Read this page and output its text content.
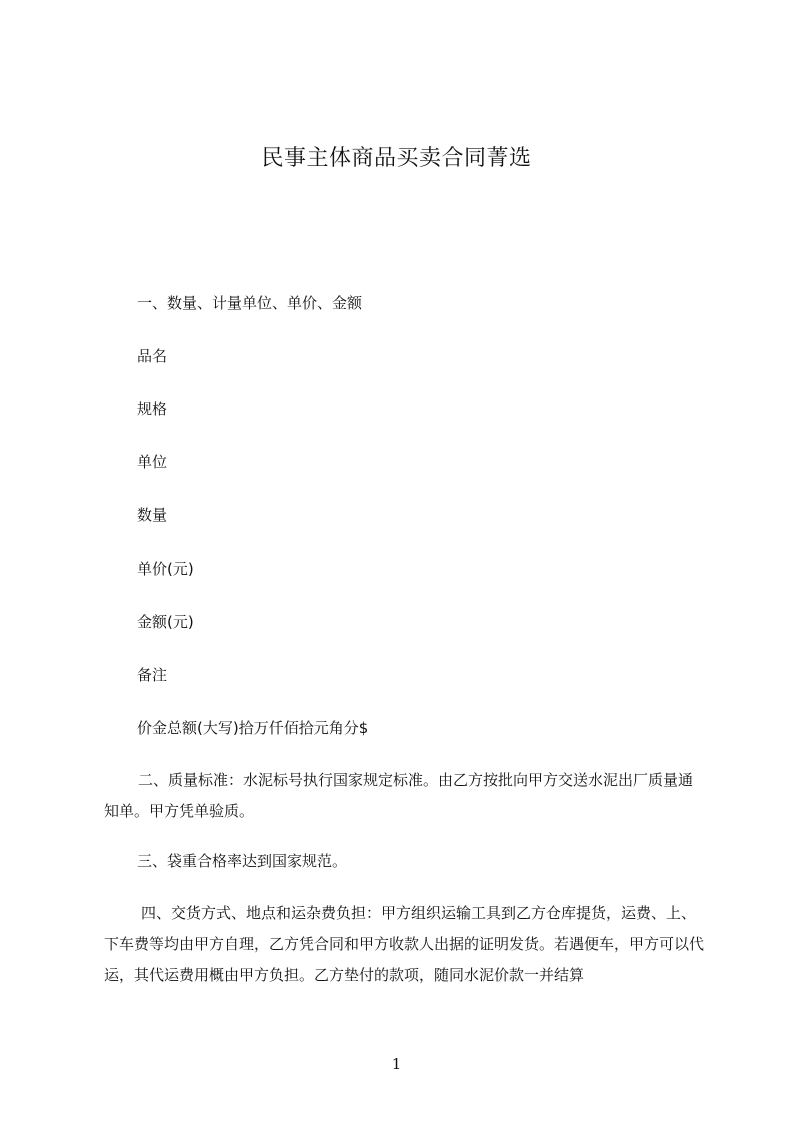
民事主体商品买卖合同菁选
一、数量、计量单位、单价、金额
品名
规格
单位
数量
单价(元)
金额(元)
备注
价金总额(大写)拾万仟佰拾元角分$
二、质量标准：水泥标号执行国家规定标准。由乙方按批向甲方交送水泥出厂质量通知单。甲方凭单验质。
三、袋重合格率达到国家规范。
四、交货方式、地点和运杂费负担：甲方组织运输工具到乙方仓库提货，运费、上、下车费等均由甲方自理，乙方凭合同和甲方收款人出据的证明发货。若遇便车，甲方可以代运，其代运费用概由甲方负担。乙方垫付的款项，随同水泥价款一并结算
1
